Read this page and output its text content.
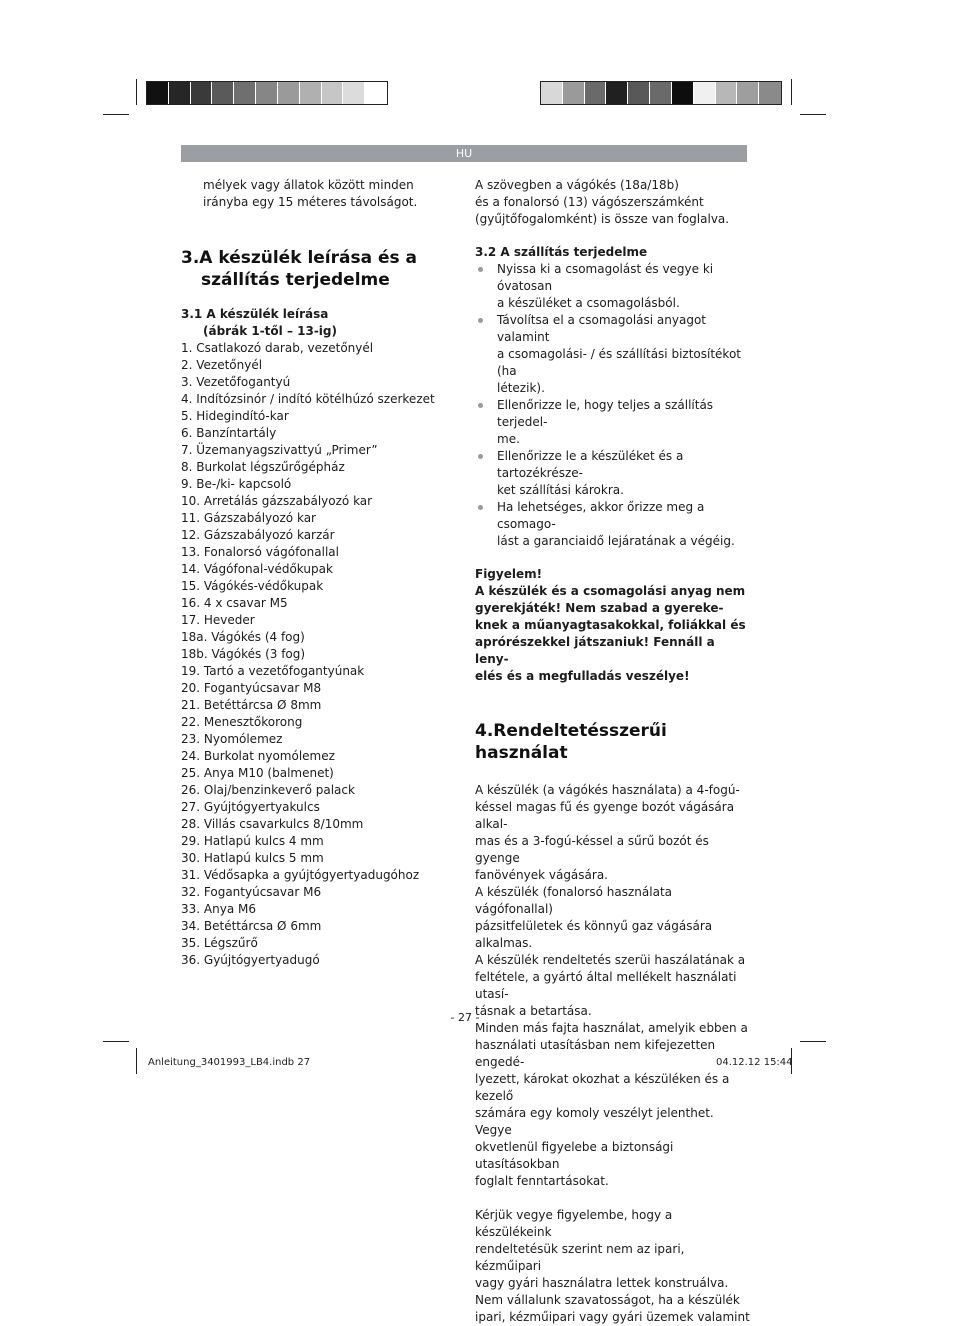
HU

mélyek vagy állatok között minden irányba egy 15 méteres távolságot.

3.A készülék leírása és a
szállítás terjedelme
3.1 A készülék leírása
(ábrák 1-től – 13-ig)
1. Csatlakozó darab, vezetőnyél
2. Vezetőnyél
3. Vezetőfogantyú
4. Indítózsinór / indító kötélhúzó szerkezet
5. Hidegindító-kar
6. Banzíntartály
7. Üzemanyagszivattyú „Primer”
8. Burkolat légszűrőgépház
9. Be-/ki- kapcsoló
10. Arretálás gázszabályozó kar
11. Gázszabályozó kar
12. Gázszabályozó karzár
13. Fonalorsó vágófonallal
14. Vágófonal-védőkupak
15. Vágókés-védőkupak
16. 4 x csavar M5
17. Heveder
18a. Vágókés (4 fog)
18b. Vágókés (3 fog)
19. Tartó a vezetőfogantyúnak
20. Fogantyúcsavar M8
21. Betéttárcsa Ø 8mm
22. Menesztőkorong
23. Nyomólemez
24. Burkolat nyomólemez
25. Anya M10 (balmenet)
26. Olaj/benzinkeverő palack
27. Gyújtógyertyakulcs
28. Villás csavarkulcs 8/10mm
29. Hatlapú kulcs 4 mm
30. Hatlapú kulcs 5 mm
31. Védősapka a gyújtógyertyadugóhoz
32. Fogantyúcsavar M6
33. Anya M6
34. Betéttárcsa Ø 6mm
35. Légszűrő
36. Gyújtógyertyadugó
A szövegben a vágókés (18a/18b)
és a fonalorsó (13) vágószerszámként
(gyűjtőfogalomként) is össze van foglalva.
3.2 A szállítás terjedelme
Nyissa ki a csomagolást és vegye ki óvatosan
a készüléket a csomagolásból.
Távolítsa el a csomagolási anyagot valamint
a csomagolási- / és szállítási biztosítékot (ha
létezik).
Ellenőrizze le, hogy teljes a szállítás terjedel-
me.
Ellenőrizze le a készüléket és a tartozékrésze-
ket szállítási károkra.
Ha lehetséges, akkor őrizze meg a csomago-
lást a garanciaidő lejáratának a végéig.
Figyelem!
A készülék és a csomagolási anyag nem
gyerekjáték! Nem szabad a gyereke-
knek a műanyagtasakokkal, foliákkal és
apró​részekkel játszaniuk! Fennáll a leny-
elés és a megfulladás veszélye!
4.Rendeltetésszerűi használat
A készülék (a vágókés használata) a 4-fogú-
késsel magas fű és gyenge bozót vágására alkal-
mas és a 3-fogú-késsel a sűrű bozót és gyenge
fanövények vágására.
A készülék (fonalorsó használata vágófonallal)
pázsitfelületek és könnyű gaz vágására alkalmas.
A készülék rendeltetés szerüi haszálatának a
feltétele, a gyártó által mellékelt használati utasí-
tásnak a betartása.
Minden más fajta használat, amelyik ebben a
használati utasításban nem kifejezetten engedé-
lyezett, károkat okozhat a készüléken és a kezelő
számára egy komoly veszélyt jelenthet. Vegye
okvetlenül figyelebe a biztonsági utasításokban
foglalt fenntartásokat.
Kérjük vegye figyelembe, hogy a készülékeink
rendeltetésük szerint nem az ipari, kézműipari
vagy gyári használatra lettek konstruálva.
Nem vállalunk szavatosságot, ha a készülék
ipari, kézműipari vagy gyári üzemek valamint
- 27 -
Anleitung_3401993_LB4.indb 27	04.12.12 15:44
